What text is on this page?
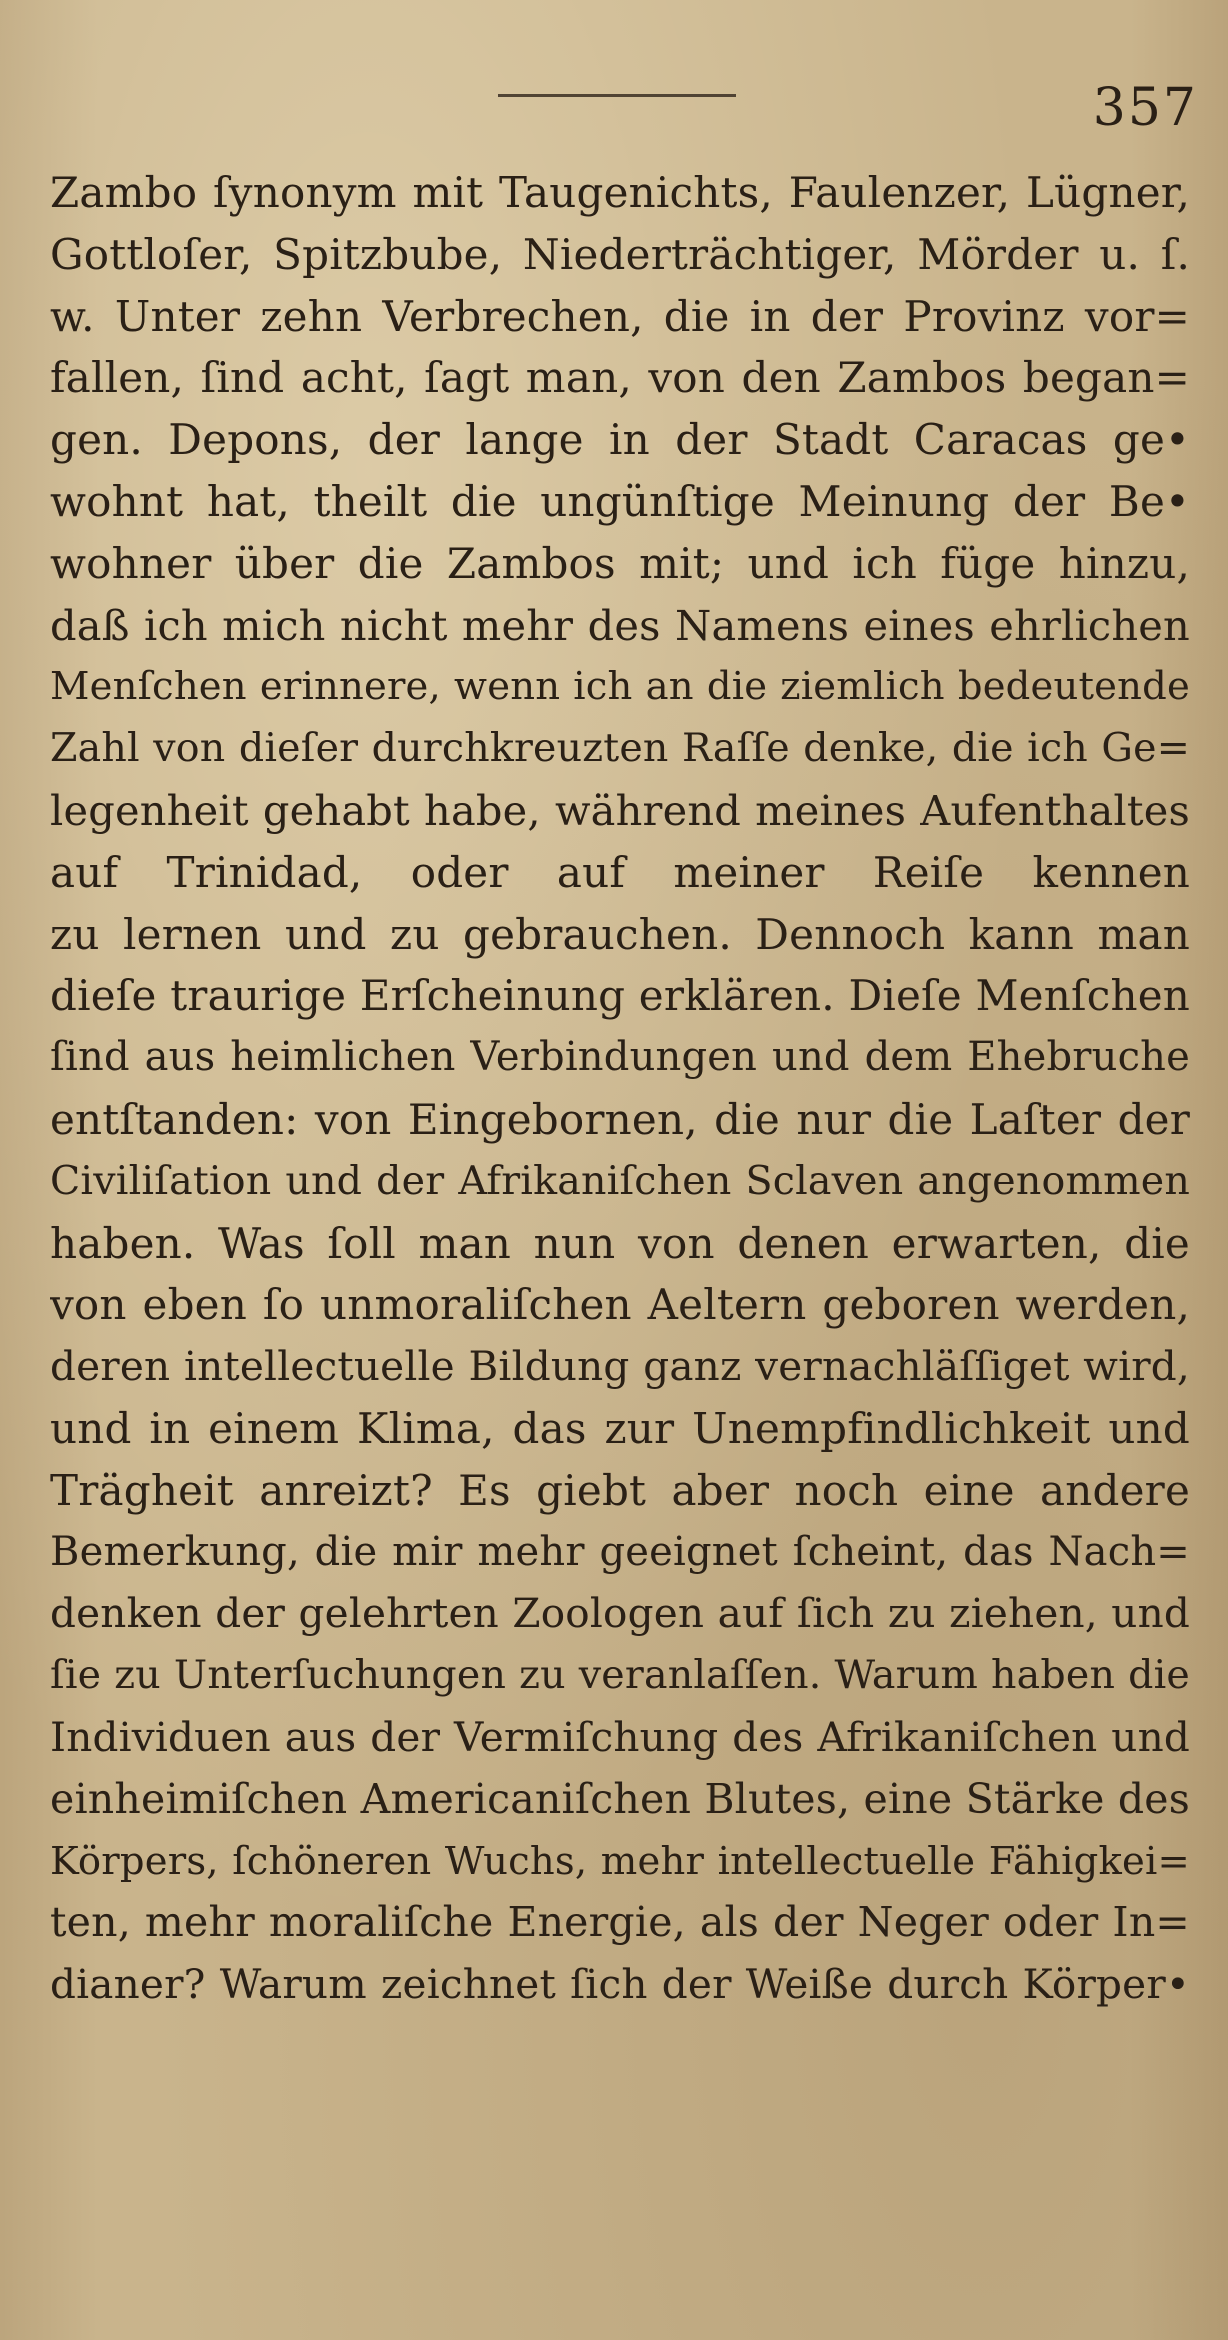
357
Zambo ſynonym mit Taugenichts, Faulenzer, Lügner,
Gottloſer, Spitzbube, Niederträchtiger, Mörder u. ſ.
w. Unter zehn Verbrechen, die in der Provinz vor=
fallen, ſind acht, ſagt man, von den Zambos began=
gen. Depons, der lange in der Stadt Caracas ge•
wohnt hat, theilt die ungünſtige Meinung der Be•
wohner über die Zambos mit; und ich füge hinzu,
daß ich mich nicht mehr des Namens eines ehrlichen
Menſchen erinnere, wenn ich an die ziemlich bedeutende
Zahl von dieſer durchkreuzten Raſſe denke, die ich Ge=
legenheit gehabt habe, während meines Aufenthaltes
auf Trinidad, oder auf meiner Reiſe kennen
zu lernen und zu gebrauchen. Dennoch kann man
dieſe traurige Erſcheinung erklären. Dieſe Menſchen
ſind aus heimlichen Verbindungen und dem Ehebruche
entſtanden: von Eingebornen, die nur die Laſter der
Civiliſation und der Afrikaniſchen Sclaven angenommen
haben. Was ſoll man nun von denen erwarten, die
von eben ſo unmoraliſchen Aeltern geboren werden,
deren intellectuelle Bildung ganz vernachläſſiget wird,
und in einem Klima, das zur Unempfindlichkeit und
Trägheit anreizt? Es giebt aber noch eine andere
Bemerkung, die mir mehr geeignet ſcheint, das Nach=
denken der gelehrten Zoologen auf ſich zu ziehen, und
ſie zu Unterſuchungen zu veranlaſſen. Warum haben die
Individuen aus der Vermiſchung des Afrikaniſchen und
einheimiſchen Americaniſchen Blutes, eine Stärke des
Körpers, ſchöneren Wuchs, mehr intellectuelle Fähigkei=
ten, mehr moraliſche Energie, als der Neger oder In=
dianer? Warum zeichnet ſich der Weiße durch Körper•
